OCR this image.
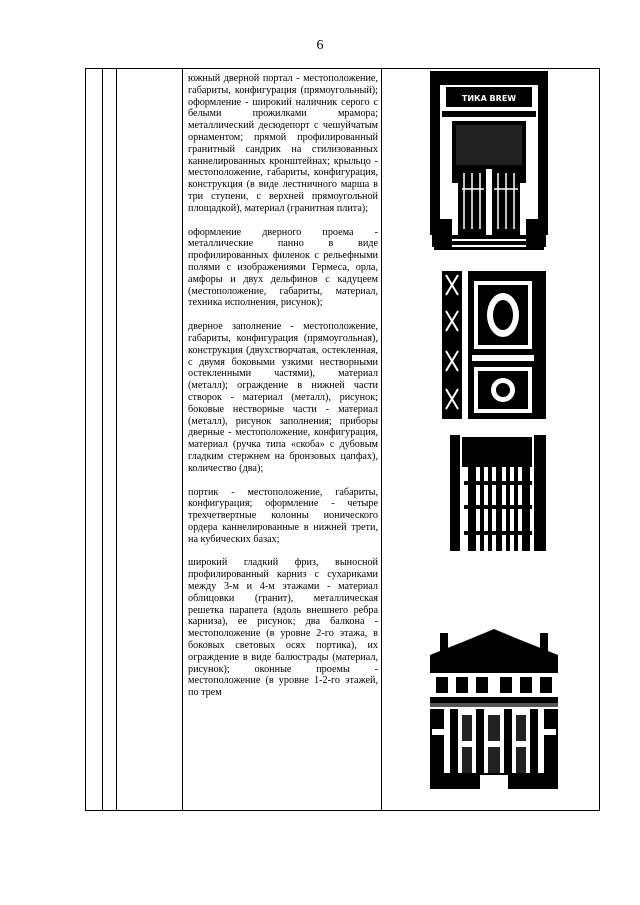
6

южный дверной портал - местоположение, габариты, конфигурация (прямоугольный); оформление - широкий наличник серого с белыми прожилками мрамора; металлический десюдепорт с чешуйчатым орнаментом; прямой профилированный гранитный сандрик на стилизованных каннелированных кронштейнах; крыльцо - местоположение, габариты, конфигурация, конструкция (в виде лестничного марша в три ступени, с верхней прямоугольной площадкой), материал (гранитная плита);

оформление дверного проема - металлические панно в виде профилированных филенок с рельефными полями с изображениями Гермеса, орла, амфоры и двух дельфинов с кадуцеем (местоположение, габариты, материал, техника исполнения, рисунок);

дверное заполнение - местоположение, габариты, конфигурация (прямоугольная), конструкция (двухстворчатая, остекленная, с двумя боковыми узкими нестворными остекленными частями), материал (металл); ограждение в нижней части створок - материал (металл), рисунок; боковые нестворные части - материал (металл), рисунок заполнения; приборы дверные - местоположение, конфигурация, материал (ручка типа «скоба» с дубовым гладким стержнем на бронзовых цапфах), количество (два);

портик - местоположение, габариты, конфигурация; оформление - четыре трехчетвертные колонны ионического ордера каннелированные в нижней трети, на кубических базах;

широкий гладкий фриз, выносной профилированный карниз с сухариками между 3-м и 4-м этажами - материал облицовки (гранит), металлическая решетка парапета (вдоль внешнего ребра карниза), ее рисунок; два балкона - местоположение (в уровне 2-го этажа, в боковых световых осях портика), их ограждение в виде балюстрады (материал, рисунок); оконные проемы - местоположение (в уровне 1-2-го этажей, по трем

ТИКА BREW
